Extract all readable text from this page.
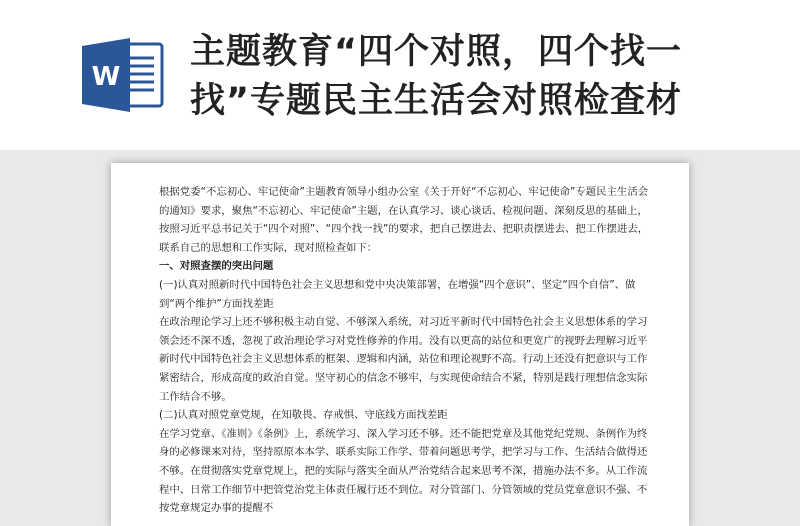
W
主题教育“四个对照，四个找一
找”专题民主生活会对照检查材

根据党委“不忘初心、牢记使命”主题教育领导小组办公室《关于开好“不忘初心、牢记使命”专题民主生活会的通知》要求，聚焦“不忘初心、牢记使命”主题，在认真学习、谈心谈话、检视问题、深刻反思的基础上，按照习近平总书记关于“四个对照”、“四个找一找”的要求，把自己摆进去、把职责摆进去、把工作摆进去，联系自己的思想和工作实际，现对照检查如下：

一、对照查摆的突出问题

(一)认真对照新时代中国特色社会主义思想和党中央决策部署，在增强“四个意识”、坚定“四个自信”、做到“两个维护”方面找差距

在政治理论学习上还不够积极主动自觉、不够深入系统，对习近平新时代中国特色社会主义思想体系的学习领会还不深不透，忽视了政治理论学习对党性修养的作用。没有以更高的站位和更宽广的视野去理解习近平新时代中国特色社会主义思想体系的框架、逻辑和内涵，站位和理论视野不高。行动上还没有把意识与工作紧密结合，形成高度的政治自觉。坚守初心的信念不够牢，与实现使命结合不紧，特别是践行理想信念实际工作结合不够。

(二)认真对照党章党规，在知敬畏、存戒惧、守底线方面找差距

在学习党章、《准则》《条例》上，系统学习、深入学习还不够。还不能把党章及其他党纪党规、条例作为终身的必修课来对待，坚持原原本本学、联系实际工作学、带着问题思考学，把学习与工作、生活结合做得还不够。在贯彻落实党章党规上，把的实际与落实全面从严治党结合起来思考不深，措施办法不多。从工作流程中、日常工作细节中把管党治党主体责任履行还不到位。对分管部门、分管领域的党员党章意识不强、不按党章规定办事的提醒不
